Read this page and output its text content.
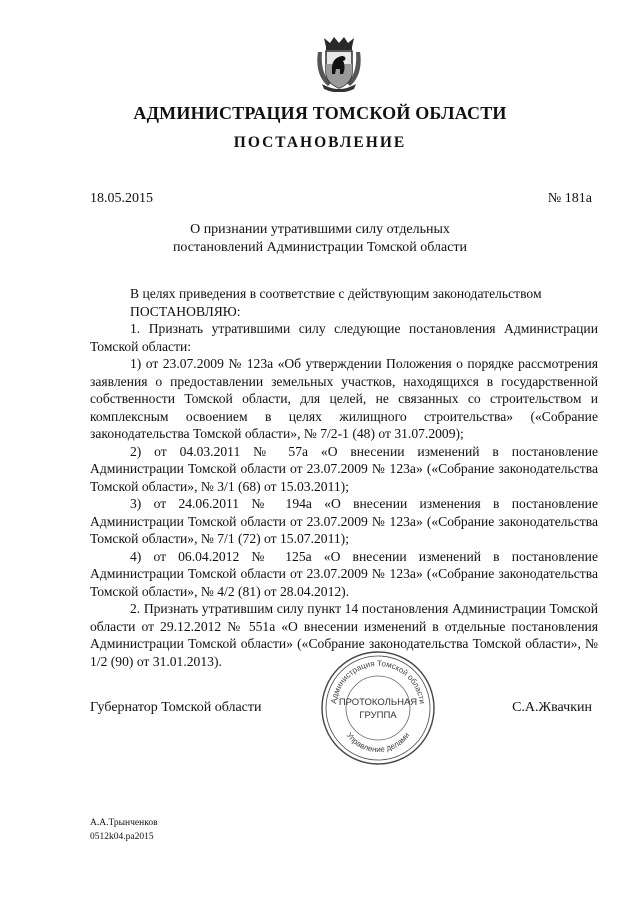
АДМИНИСТРАЦИЯ ТОМСКОЙ ОБЛАСТИ
ПОСТАНОВЛЕНИЕ
18.05.2015	№ 181а
О признании утратившими силу отдельных
постановлений Администрации Томской области

В целях приведения в соответствие с действующим законодательством

ПОСТАНОВЛЯЮ:

1. Признать утратившими силу следующие постановления Администрации Томской области:

1) от 23.07.2009 № 123а «Об утверждении Положения о порядке рассмотрения заявления о предоставлении земельных участков, находящихся в государственной собственности Томской области, для целей, не связанных со строительством и комплексным освоением в целях жилищного строительства» («Собрание законодательства Томской области», № 7/2-1 (48) от 31.07.2009);

2) от 04.03.2011 № 57а «О внесении изменений в постановление Администрации Томской области от 23.07.2009 № 123а» («Собрание законодательства Томской области», № 3/1 (68) от 15.03.2011);

3) от 24.06.2011 № 194а «О внесении изменения в постановление Администрации Томской области от 23.07.2009 № 123а» («Собрание законодательства Томской области», № 7/1 (72) от 15.07.2011);

4) от 06.04.2012 № 125а «О внесении изменений в постановление Администрации Томской области от 23.07.2009 № 123а» («Собрание законодательства Томской области», № 4/2 (81) от 28.04.2012).

2. Признать утратившим силу пункт 14 постановления Администрации Томской области от 29.12.2012 № 551а «О внесении изменений в отдельные постановления Администрации Томской области» («Собрание законодательства Томской области», № 1/2 (90) от 31.01.2013).

Губернатор Томской области	С.А.Жвачкин
Администрация Томской области
Управление делами
ПРОТОКОЛЬНАЯ
ГРУППА
А.А.Трынченков
0512k04.pa2015
